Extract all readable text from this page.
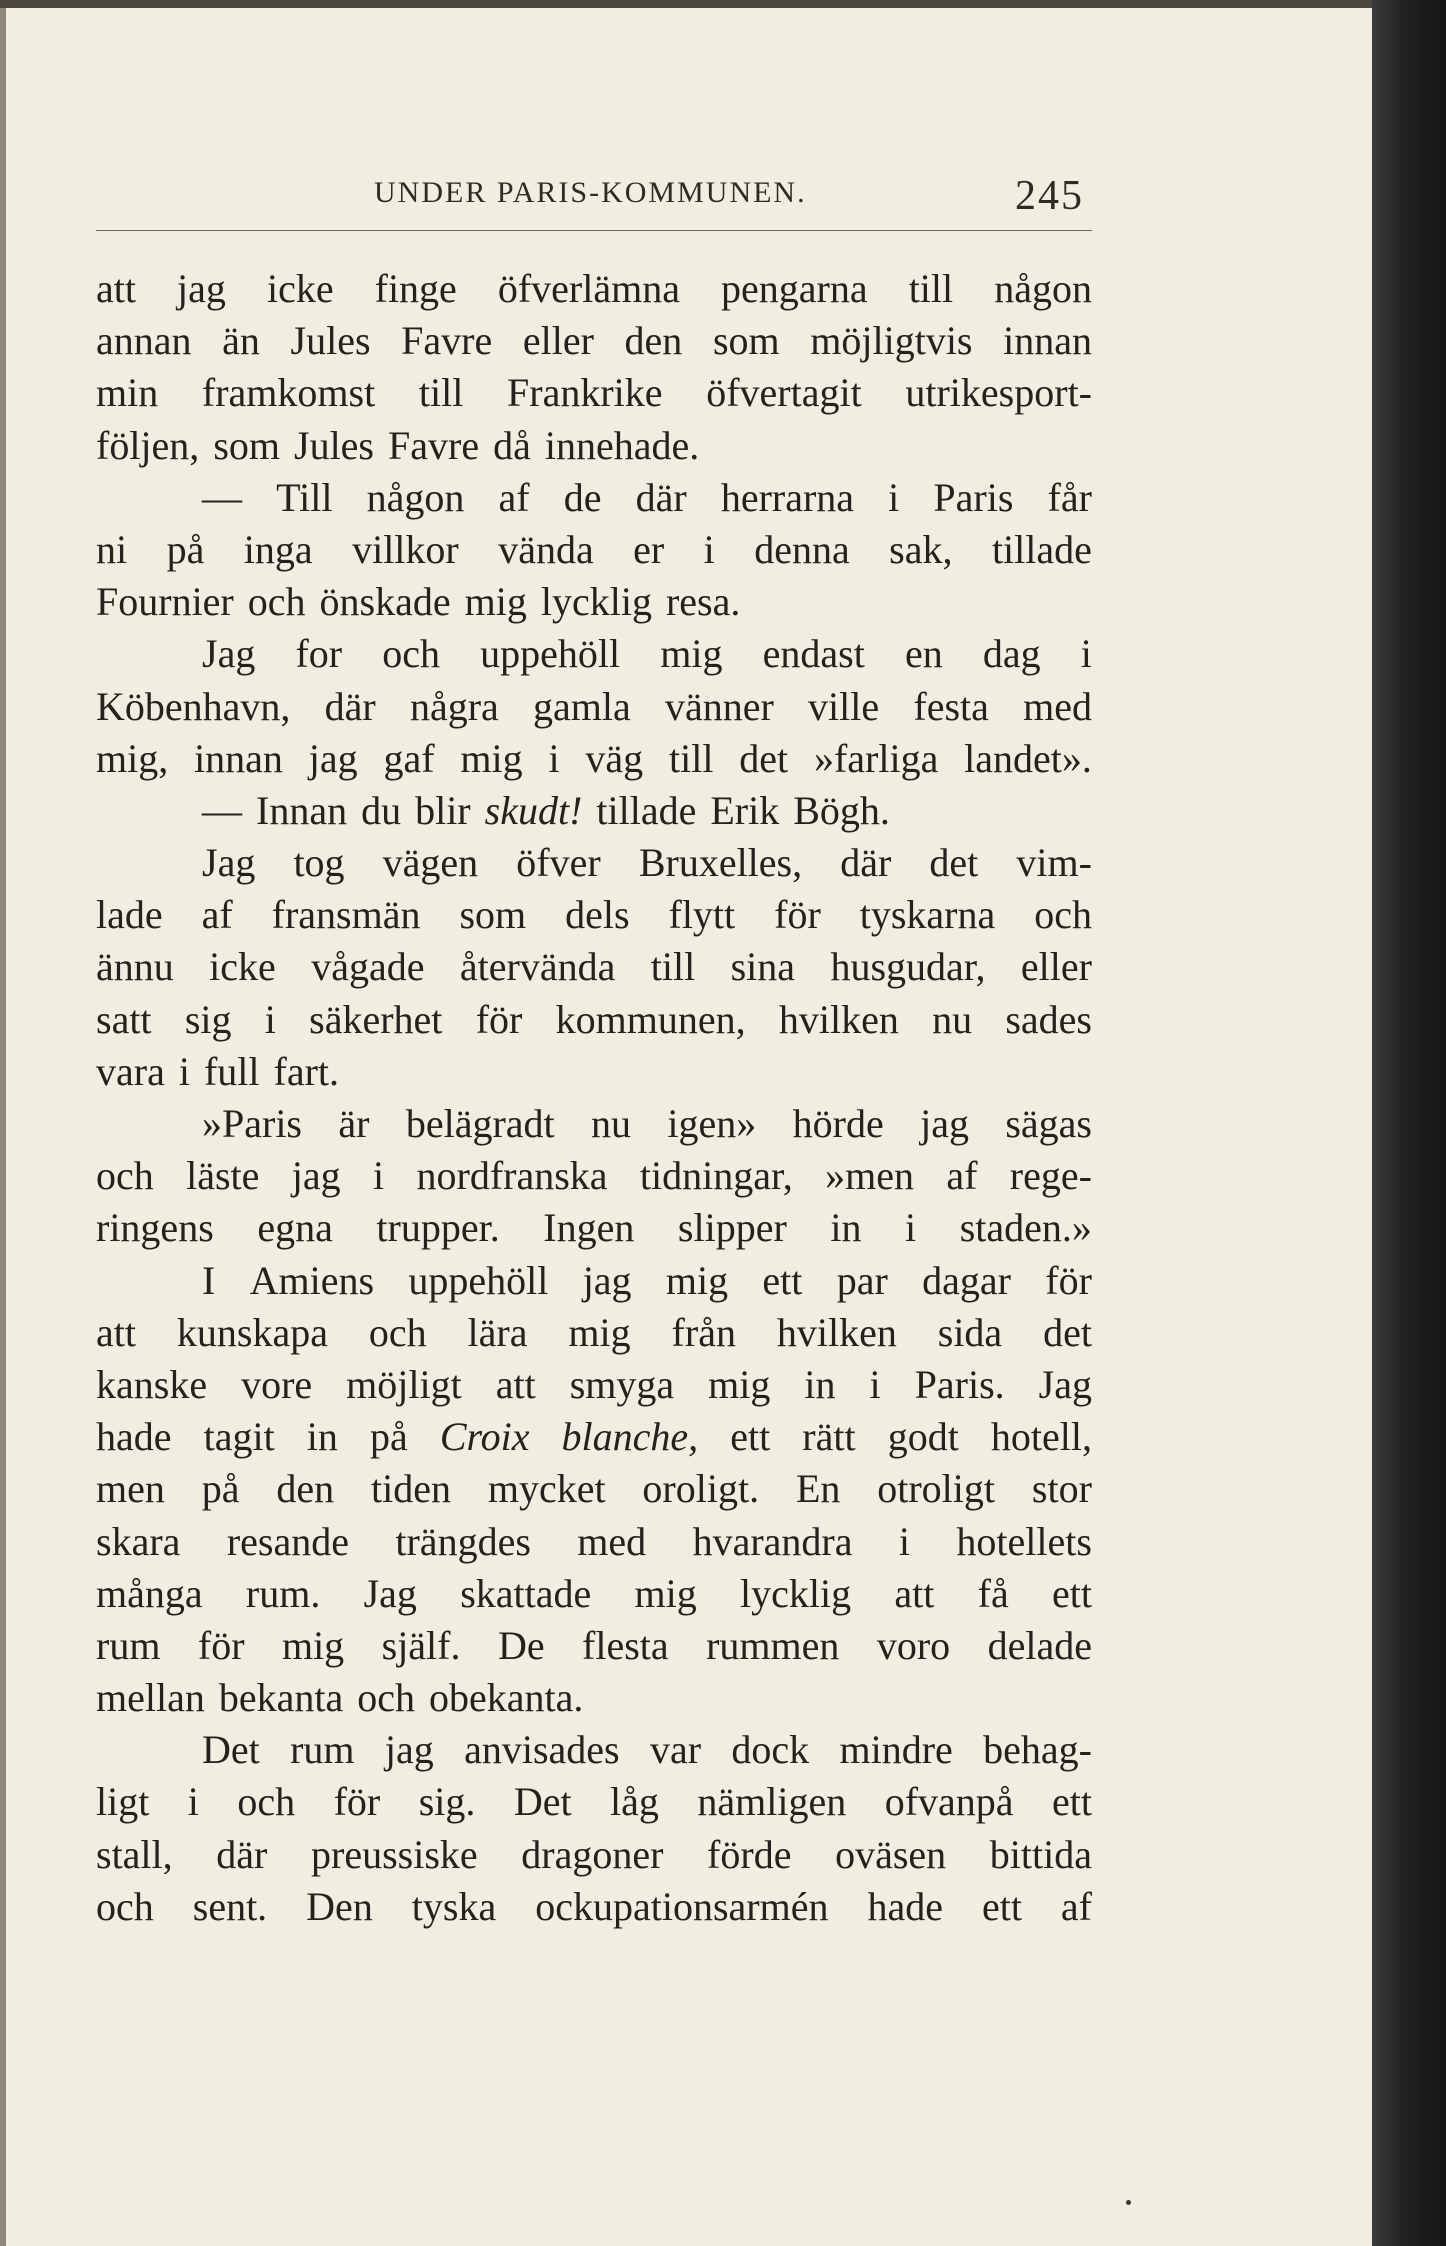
UNDER PARIS-KOMMUNEN.	245
att jag icke finge öfverlämna pengarna till någon
annan än Jules Favre eller den som möjligtvis innan
min framkomst till Frankrike öfvertagit utrikesport-
följen, som Jules Favre då innehade.
— Till någon af de där herrarna i Paris får
ni på inga villkor vända er i denna sak, tillade
Fournier och önskade mig lycklig resa.
Jag for och uppehöll mig endast en dag i
Köbenhavn, där några gamla vänner ville festa med
mig, innan jag gaf mig i väg till det »farliga landet».
— Innan du blir skudt! tillade Erik Bögh.
Jag tog vägen öfver Bruxelles, där det vim-
lade af fransmän som dels flytt för tyskarna och
ännu icke vågade återvända till sina husgudar, eller
satt sig i säkerhet för kommunen, hvilken nu sades
vara i full fart.
»Paris är belägradt nu igen» hörde jag sägas
och läste jag i nordfranska tidningar, »men af rege-
ringens egna trupper. Ingen slipper in i staden.»
I Amiens uppehöll jag mig ett par dagar för
att kunskapa och lära mig från hvilken sida det
kanske vore möjligt att smyga mig in i Paris. Jag
hade tagit in på Croix blanche, ett rätt godt hotell,
men på den tiden mycket oroligt. En otroligt stor
skara resande trängdes med hvarandra i hotellets
många rum. Jag skattade mig lycklig att få ett
rum för mig själf. De flesta rummen voro delade
mellan bekanta och obekanta.
Det rum jag anvisades var dock mindre behag-
ligt i och för sig. Det låg nämligen ofvanpå ett
stall, där preussiske dragoner förde oväsen bittida
och sent. Den tyska ockupationsarmén hade ett af
